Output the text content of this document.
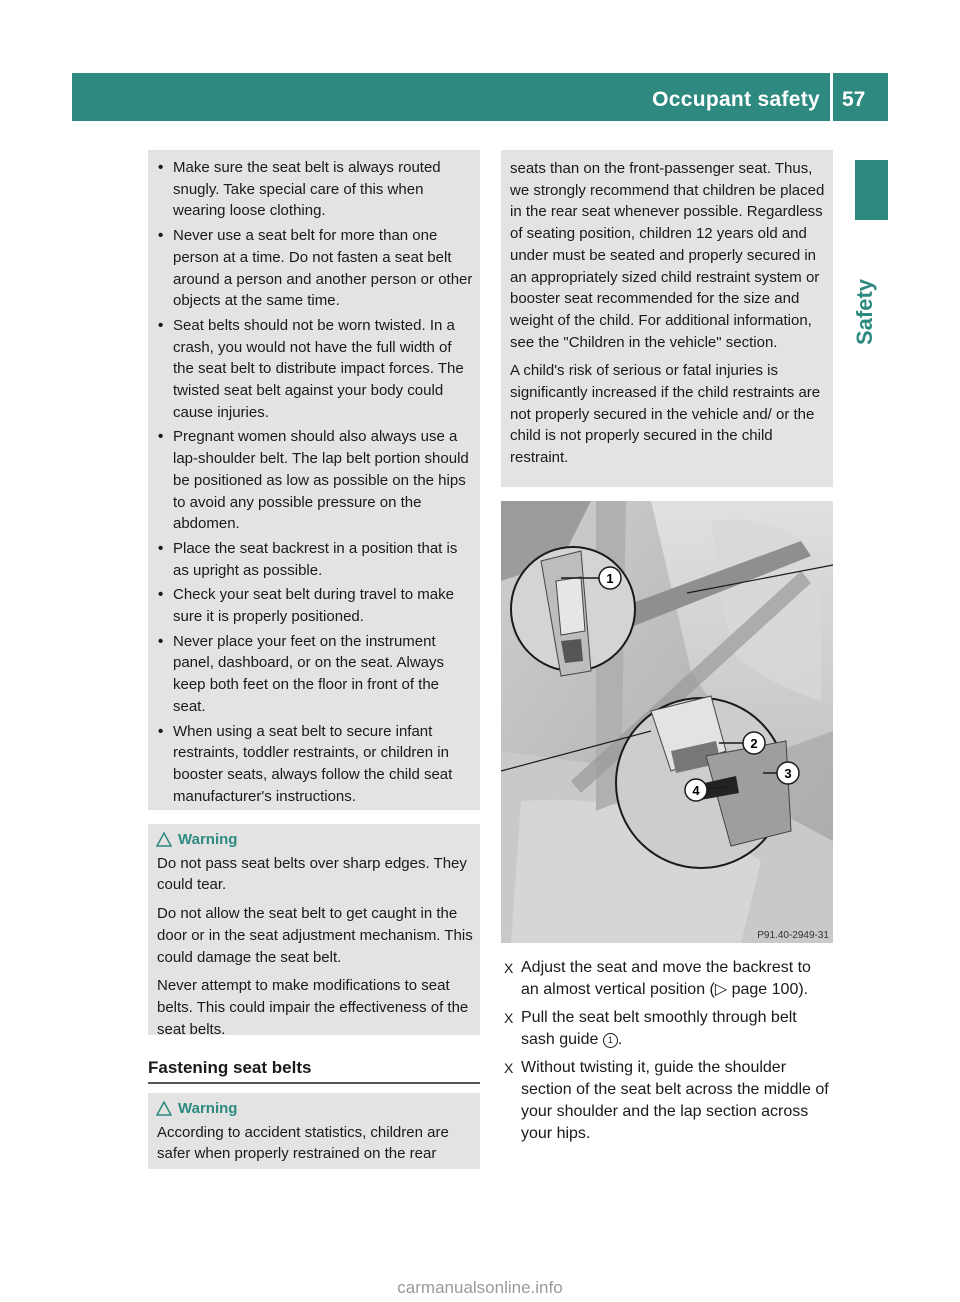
Occupant safety 57
Safety
• Make sure the seat belt is always routed snugly. Take special care of this when wearing loose clothing.
• Never use a seat belt for more than one person at a time. Do not fasten a seat belt around a person and another person or other objects at the same time.
• Seat belts should not be worn twisted. In a crash, you would not have the full width of the seat belt to distribute impact forces. The twisted seat belt against your body could cause injuries.
• Pregnant women should also always use a lap-shoulder belt. The lap belt portion should be positioned as low as possible on the hips to avoid any possible pressure on the abdomen.
• Place the seat backrest in a position that is as upright as possible.
• Check your seat belt during travel to make sure it is properly positioned.
• Never place your feet on the instrument panel, dashboard, or on the seat. Always keep both feet on the floor in front of the seat.
• When using a seat belt to secure infant restraints, toddler restraints, or children in booster seats, always follow the child seat manufacturer's instructions.
Warning

Do not pass seat belts over sharp edges. They could tear.

Do not allow the seat belt to get caught in the door or in the seat adjustment mechanism. This could damage the seat belt.

Never attempt to make modifications to seat belts. This could impair the effectiveness of the seat belts.

Fastening seat belts
Warning

According to accident statistics, children are safer when properly restrained on the rear

seats than on the front-passenger seat. Thus, we strongly recommend that children be placed in the rear seat whenever possible. Regardless of seating position, children 12 years old and under must be seated and properly secured in an appropriately sized child restraint system or booster seat recommended for the size and weight of the child. For additional information, see the "Children in the vehicle" section.

A child's risk of serious or fatal injuries is significantly increased if the child restraints are not properly secured in the vehicle and/ or the child is not properly secured in the child restraint.

1
2
3
4
P91.40-2949-31
X Adjust the seat and move the backrest to an almost vertical position (▷ page 100).
X Pull the seat belt smoothly through belt sash guide 1 .
X Without twisting it, guide the shoulder section of the seat belt across the middle of your shoulder and the lap section across your hips.
carmanualsonline.info
